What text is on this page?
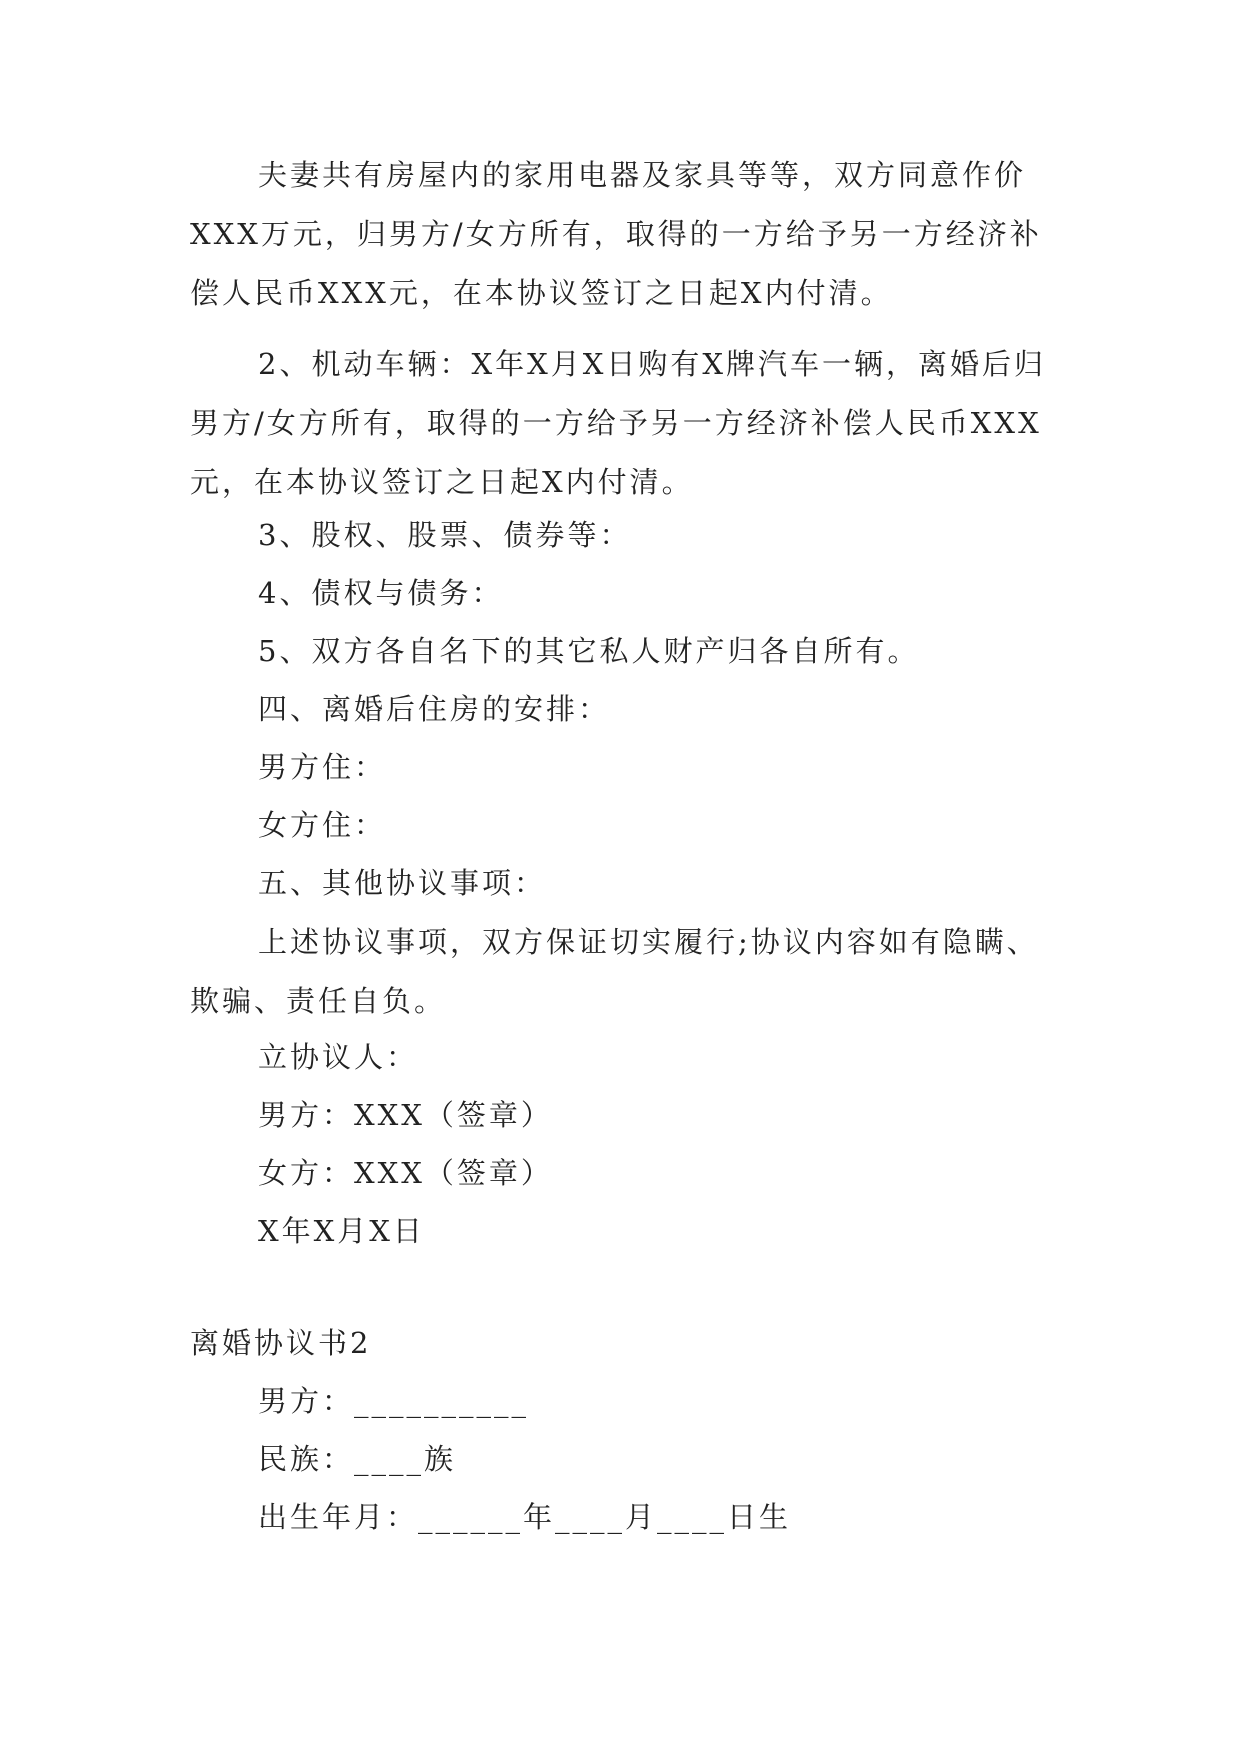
夫妻共有房屋内的家用电器及家具等等，双方同意作价XXX万元，归男方/女方所有，取得的一方给予另一方经济补偿人民币XXX元，在本协议签订之日起X内付清。

2、机动车辆：X年X月X日购有X牌汽车一辆，离婚后归男方/女方所有，取得的一方给予另一方经济补偿人民币XXX元，在本协议签订之日起X内付清。

3、股权、股票、债券等：

4、债权与债务：

5、双方各自名下的其它私人财产归各自所有。

四、离婚后住房的安排：

男方住：

女方住：

五、其他协议事项：

上述协议事项，双方保证切实履行;协议内容如有隐瞒、欺骗、责任自负。

立协议人：

男方：XXX（签章）

女方：XXX（签章）

X年X月X日

离婚协议书2

男方：__________

民族：____族

出生年月：______年____月____日生
